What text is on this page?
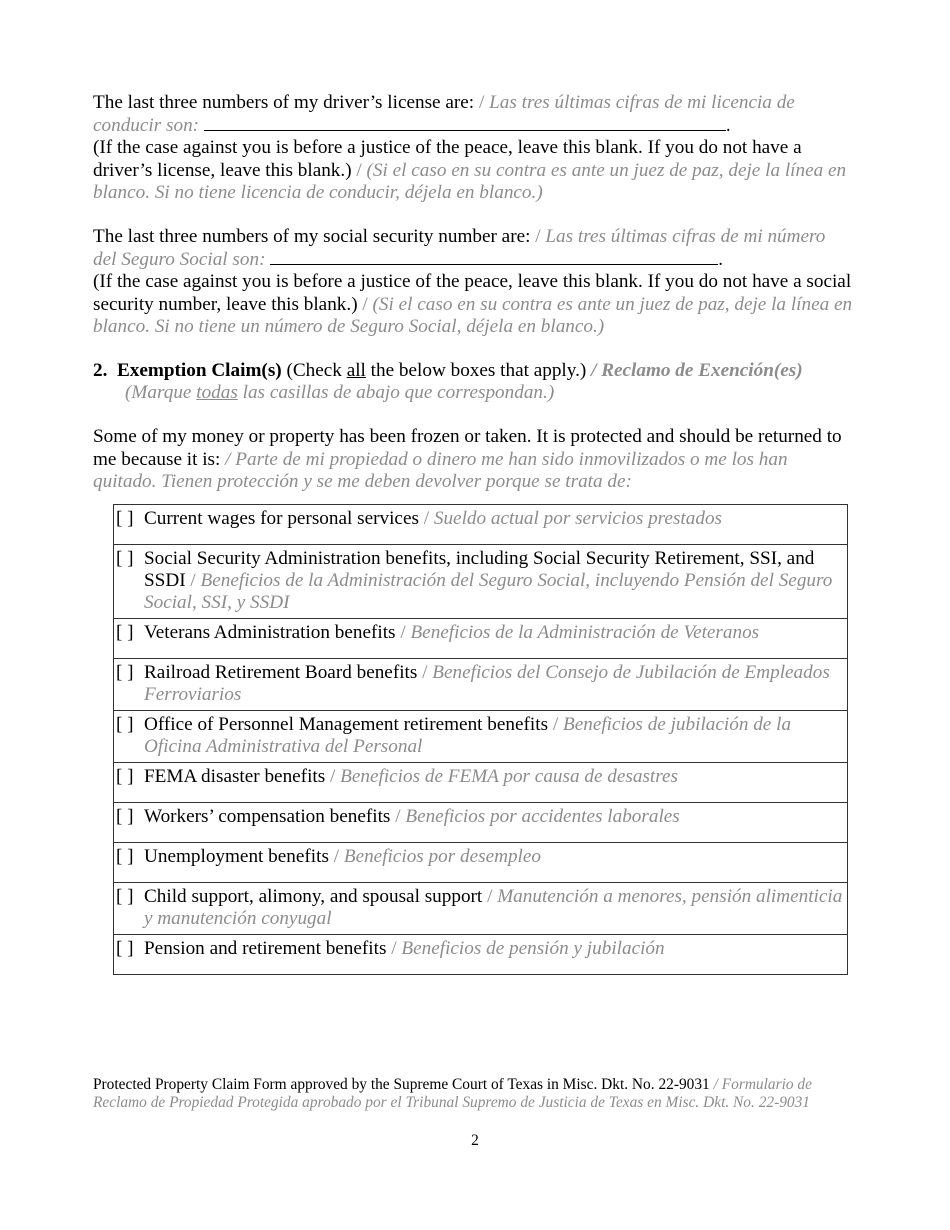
The last three numbers of my driver’s license are: / Las tres últimas cifras de mi licencia de conducir son:	.

(If the case against you is before a justice of the peace, leave this blank. If you do not have a driver’s license, leave this blank.) / (Si el caso en su contra es ante un juez de paz, deje la línea en blanco. Si no tiene licencia de conducir, déjela en blanco.)

The last three numbers of my social security number are: / Las tres últimas cifras de mi número del Seguro Social son:	.

(If the case against you is before a justice of the peace, leave this blank. If you do not have a social security number, leave this blank.) / (Si el caso en su contra es ante un juez de paz, deje la línea en blanco. Si no tiene un número de Seguro Social, déjela en blanco.)

2. Exemption Claim(s) (Check all the below boxes that apply.) / Reclamo de Exención(es) (Marque todas las casillas de abajo que correspondan.)

Some of my money or property has been frozen or taken. It is protected and should be returned to me because it is: / Parte de mi propiedad o dinero me han sido inmovilizados o me los han quitado. Tienen protección y se me deben devolver porque se trata de:

[ ] Current wages for personal services / Sueldo actual por servicios prestados

[ ] Social Security Administration benefits, including Social Security Retirement, SSI, and SSDI / Beneficios de la Administración del Seguro Social, incluyendo Pensión del Seguro Social, SSI, y SSDI

[ ] Veterans Administration benefits / Beneficios de la Administración de Veteranos

[ ] Railroad Retirement Board benefits / Beneficios del Consejo de Jubilación de Empleados Ferroviarios

[ ] Office of Personnel Management retirement benefits / Beneficios de jubilación de la Oficina Administrativa del Personal

[ ] FEMA disaster benefits / Beneficios de FEMA por causa de desastres

[ ] Workers’ compensation benefits / Beneficios por accidentes laborales

[ ] Unemployment benefits / Beneficios por desempleo

[ ] Child support, alimony, and spousal support / Manutención a menores, pensión alimenticia y manutención conyugal

[ ] Pension and retirement benefits / Beneficios de pensión y jubilación
Protected Property Claim Form approved by the Supreme Court of Texas in Misc. Dkt. No. 22-9031 / Formulario de Reclamo de Propiedad Protegida aprobado por el Tribunal Supremo de Justicia de Texas en Misc. Dkt. No. 22-9031
2
